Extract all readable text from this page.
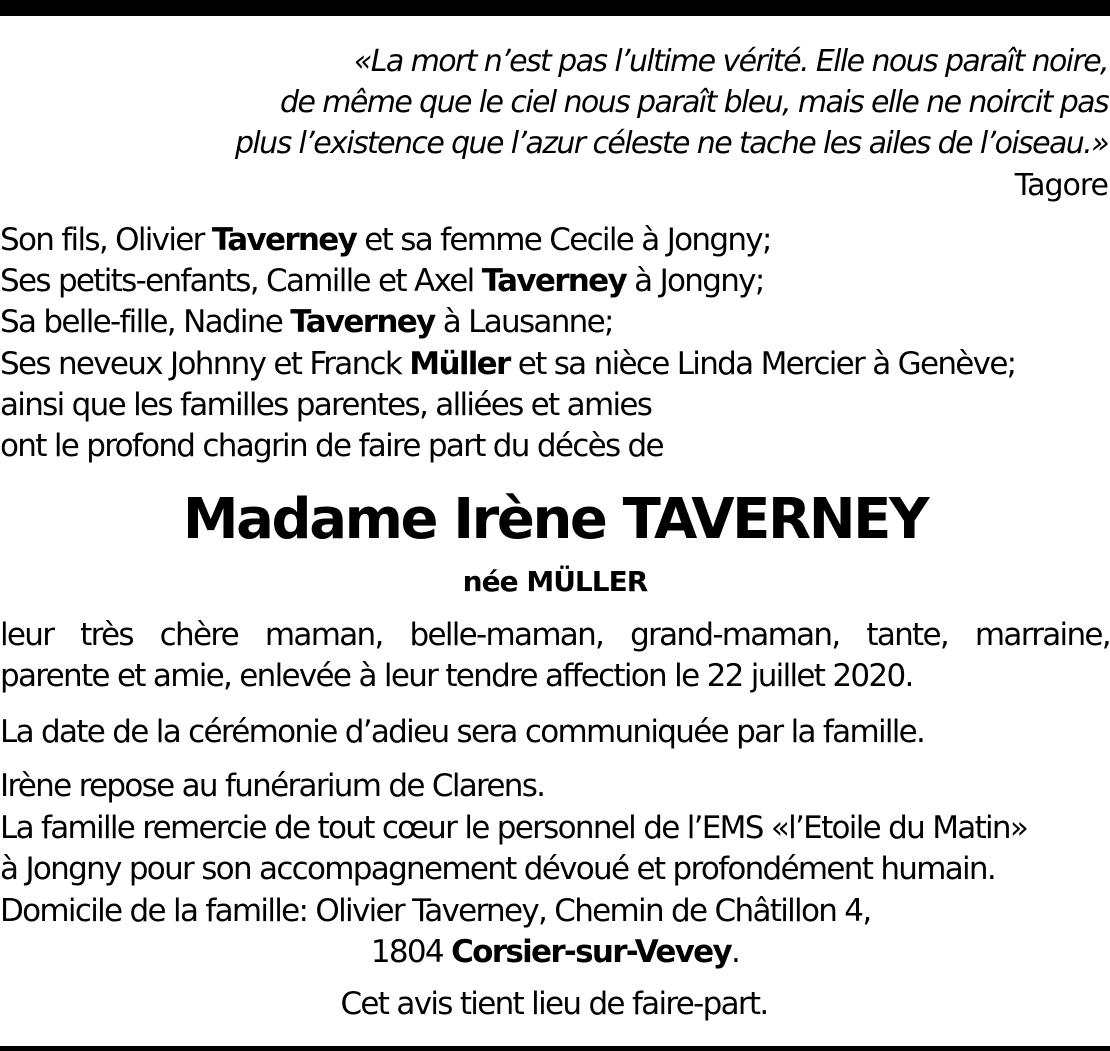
«La mort n’est pas l’ultime vérité. Elle nous paraît noire,
de même que le ciel nous paraît bleu, mais elle ne noircit pas
plus l’existence que l’azur céleste ne tache les ailes de l’oiseau.»
Tagore
Son fils, Olivier Taverney et sa femme Cecile à Jongny;
Ses petits-enfants, Camille et Axel Taverney à Jongny;
Sa belle-fille, Nadine Taverney à Lausanne;
Ses neveux Johnny et Franck Müller et sa nièce Linda Mercier à Genève;
ainsi que les familles parentes, alliées et amies
ont le profond chagrin de faire part du décès de
Madame Irène TAVERNEY
née MÜLLER
leur très chère maman, belle-maman, grand-maman, tante, marraine,
parente et amie, enlevée à leur tendre affection le 22 juillet 2020.
La date de la cérémonie d’adieu sera communiquée par la famille.
Irène repose au funérarium de Clarens.
La famille remercie de tout cœur le personnel de l’EMS «l’Etoile du Matin»
à Jongny pour son accompagnement dévoué et profondément humain.
Domicile de la famille: Olivier Taverney, Chemin de Châtillon 4,
1804 Corsier-sur-Vevey.
Cet avis tient lieu de faire-part.
